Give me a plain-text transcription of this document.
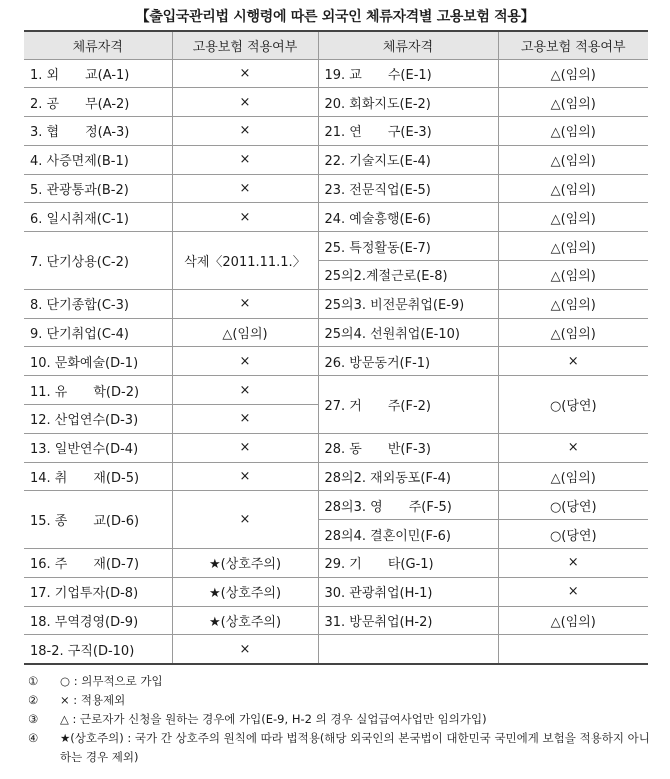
【출입국관리법 시행령에 따른 외국인 체류자격별 고용보험 적용】
체류자격	고용보험 적용여부	체류자격	고용보험 적용여부
1. 외　　교(A-1)	×	19. 교　　수(E-1)	△(임의)
2. 공　　무(A-2)	×	20. 회화지도(E-2)	△(임의)
3. 협　　정(A-3)	×	21. 연　　구(E-3)	△(임의)
4. 사증면제(B-1)	×	22. 기술지도(E-4)	△(임의)
5. 관광통과(B-2)	×	23. 전문직업(E-5)	△(임의)
6. 일시취재(C-1)	×	24. 예술흥행(E-6)	△(임의)
7. 단기상용(C-2)	삭제〈2011.11.1.〉	25. 특정활동(E-7)	△(임의)
		25의2.계절근로(E-8)	△(임의)
8. 단기종합(C-3)	×	25의3. 비전문취업(E-9)	△(임의)
9. 단기취업(C-4)	△(임의)	25의4. 선원취업(E-10)	△(임의)
10. 문화예술(D-1)	×	26. 방문동거(F-1)	×
11. 유　　학(D-2)	×	27. 거　　주(F-2)	○(당연)
12. 산업연수(D-3)	×		
13. 일반연수(D-4)	×	28. 동　　반(F-3)	×
14. 취　　재(D-5)	×	28의2. 재외동포(F-4)	△(임의)
15. 종　　교(D-6)	×	28의3. 영　　주(F-5)	○(당연)
		28의4. 결혼이민(F-6)	○(당연)
16. 주　　재(D-7)	★(상호주의)	29. 기　　타(G-1)	×
17. 기업투자(D-8)	★(상호주의)	30. 관광취업(H-1)	×
18. 무역경영(D-9)	★(상호주의)	31. 방문취업(H-2)	△(임의)
18-2. 구직(D-10)	×		
①	○ : 의무적으로 가입
②	× : 적용제외
③	△ : 근로자가 신청을 원하는 경우에 가입(E-9, H-2 의 경우 실업급여사업만 임의가입)
④	★(상호주의) : 국가 간 상호주의 원칙에 따라 법적용(해당 외국인의 본국법이 대한민국 국민에게 보험을 적용하지 아니하는 경우 제외)
